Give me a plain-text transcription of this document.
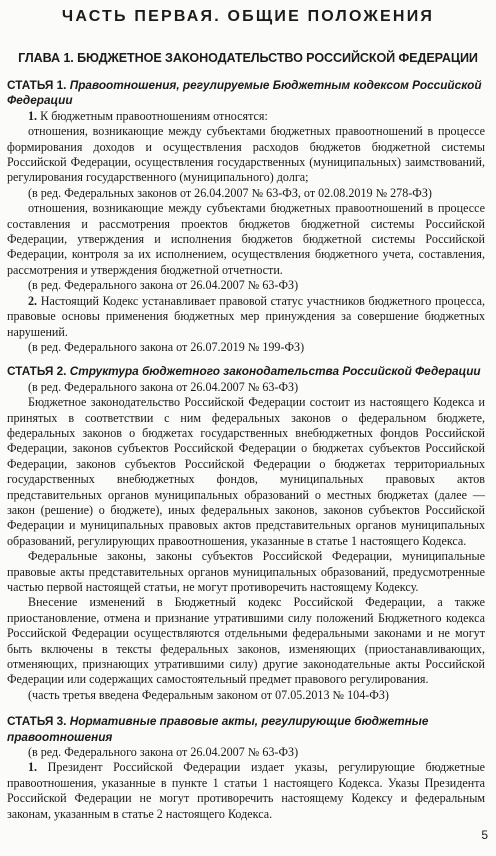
ЧАСТЬ ПЕРВАЯ. ОБЩИЕ ПОЛОЖЕНИЯ
ГЛАВА 1. БЮДЖЕТНОЕ ЗАКОНОДАТЕЛЬСТВО РОССИЙСКОЙ ФЕДЕРАЦИИ

СТАТЬЯ 1. Правоотношения, регулируемые Бюджетным кодексом Российской Федерации

1. К бюджетным правоотношениям относятся:

отношения, возникающие между субъектами бюджетных правоотношений в процессе формирования доходов и осуществления расходов бюджетов бюджетной системы Российской Федерации, осуществления государственных (муниципальных) заимствований, регулирования государственного (муниципального) долга;

(в ред. Федеральных законов от 26.04.2007 № 63-ФЗ, от 02.08.2019 № 278-ФЗ)

отношения, возникающие между субъектами бюджетных правоотношений в процессе составления и рассмотрения проектов бюджетов бюджетной системы Российской Федерации, утверждения и исполнения бюджетов бюджетной системы Российской Федерации, контроля за их исполнением, осуществления бюджетного учета, составления, рассмотрения и утверждения бюджетной отчетности.

(в ред. Федерального закона от 26.04.2007 № 63-ФЗ)

2. Настоящий Кодекс устанавливает правовой статус участников бюджетного процесса, правовые основы применения бюджетных мер принуждения за совершение бюджетных нарушений.

(в ред. Федерального закона от 26.07.2019 № 199-ФЗ)

СТАТЬЯ 2. Структура бюджетного законодательства Российской Федерации

(в ред. Федерального закона от 26.04.2007 № 63-ФЗ)

Бюджетное законодательство Российской Федерации состоит из настоящего Кодекса и принятых в соответствии с ним федеральных законов о федеральном бюджете, федеральных законов о бюджетах государственных внебюджетных фондов Российской Федерации, законов субъектов Российской Федерации о бюджетах субъектов Российской Федерации, законов субъектов Российской Федерации о бюджетах территориальных государственных внебюджетных фондов, муниципальных правовых актов представительных органов муниципальных образований о местных бюджетах (далее — закон (решение) о бюджете), иных федеральных законов, законов субъектов Российской Федерации и муниципальных правовых актов представительных органов муниципальных образований, регулирующих правоотношения, указанные в статье 1 настоящего Кодекса.

Федеральные законы, законы субъектов Российской Федерации, муниципальные правовые акты представительных органов муниципальных образований, предусмотренные частью первой настоящей статьи, не могут противоречить настоящему Кодексу.

Внесение изменений в Бюджетный кодекс Российской Федерации, а также приостановление, отмена и признание утратившими силу положений Бюджетного кодекса Российской Федерации осуществляются отдельными федеральными законами и не могут быть включены в тексты федеральных законов, изменяющих (приостанавливающих, отменяющих, признающих утратившими силу) другие законодательные акты Российской Федерации или содержащих самостоятельный предмет правового регулирования.

(часть третья введена Федеральным законом от 07.05.2013 № 104-ФЗ)

СТАТЬЯ 3. Нормативные правовые акты, регулирующие бюджетные правоотношения

(в ред. Федерального закона от 26.04.2007 № 63-ФЗ)

1. Президент Российской Федерации издает указы, регулирующие бюджетные правоотношения, указанные в пункте 1 статьи 1 настоящего Кодекса. Указы Президента Российской Федерации не могут противоречить настоящему Кодексу и федеральным законам, указанным в статье 2 настоящего Кодекса.

5
